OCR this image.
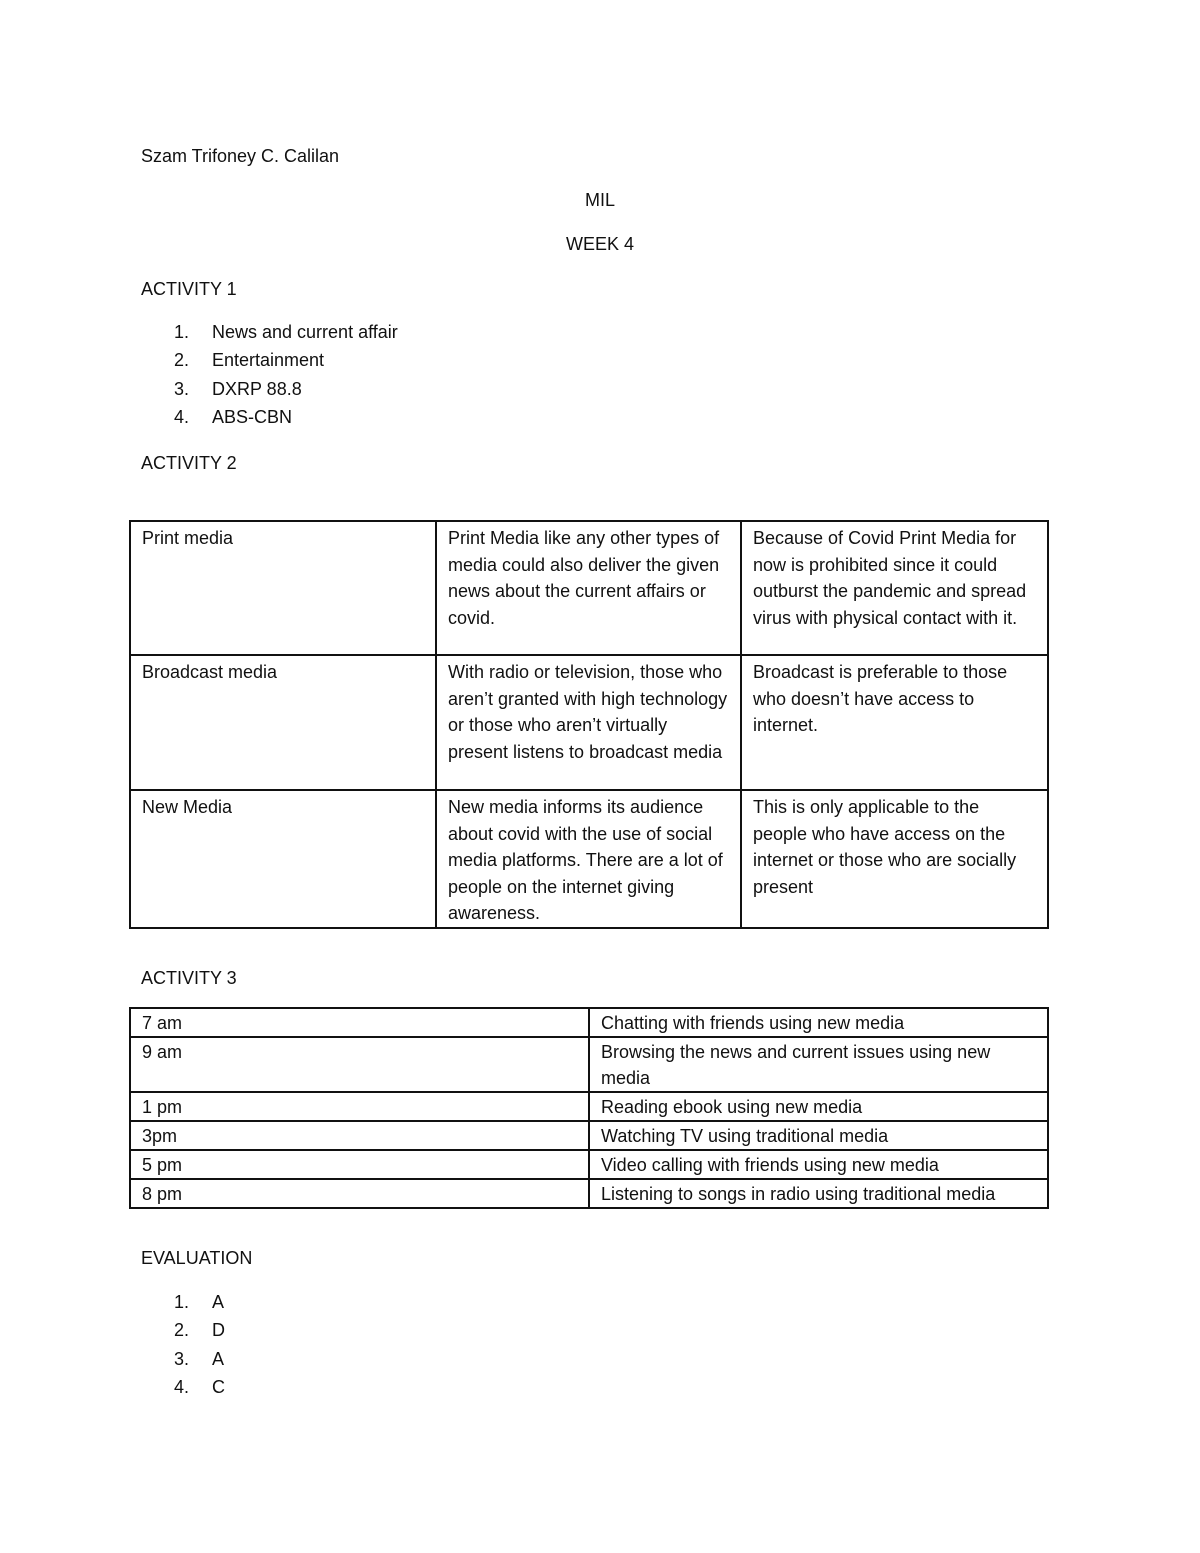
Szam Trifoney C. Calilan
MIL
WEEK 4
ACTIVITY 1
1.	News and current affair
2.	Entertainment
3.	DXRP 88.8
4.	ABS-CBN
ACTIVITY 2
Print media	Print Media like any other types of media could also deliver the given news about the current affairs or covid.	Because of Covid Print Media for now is prohibited since it could outburst the pandemic and spread virus with physical contact with it.
Broadcast media	With radio or television, those who aren’t granted with high technology or those who aren’t virtually present listens to broadcast media	Broadcast is preferable to those who doesn’t have access to internet.
New Media	New media informs its audience about covid with the use of social media platforms. There are a lot of people on the internet giving awareness.	This is only applicable to the people who have access on the internet or those who are socially present
ACTIVITY 3
7 am	Chatting with friends using new media
9 am	Browsing the news and current issues using new media
1 pm	Reading ebook using new media
3pm	Watching TV using traditional media
5 pm	Video calling with friends using new media
8 pm	Listening to songs in radio using traditional media
EVALUATION
1.	A
2.	D
3.	A
4.	C
